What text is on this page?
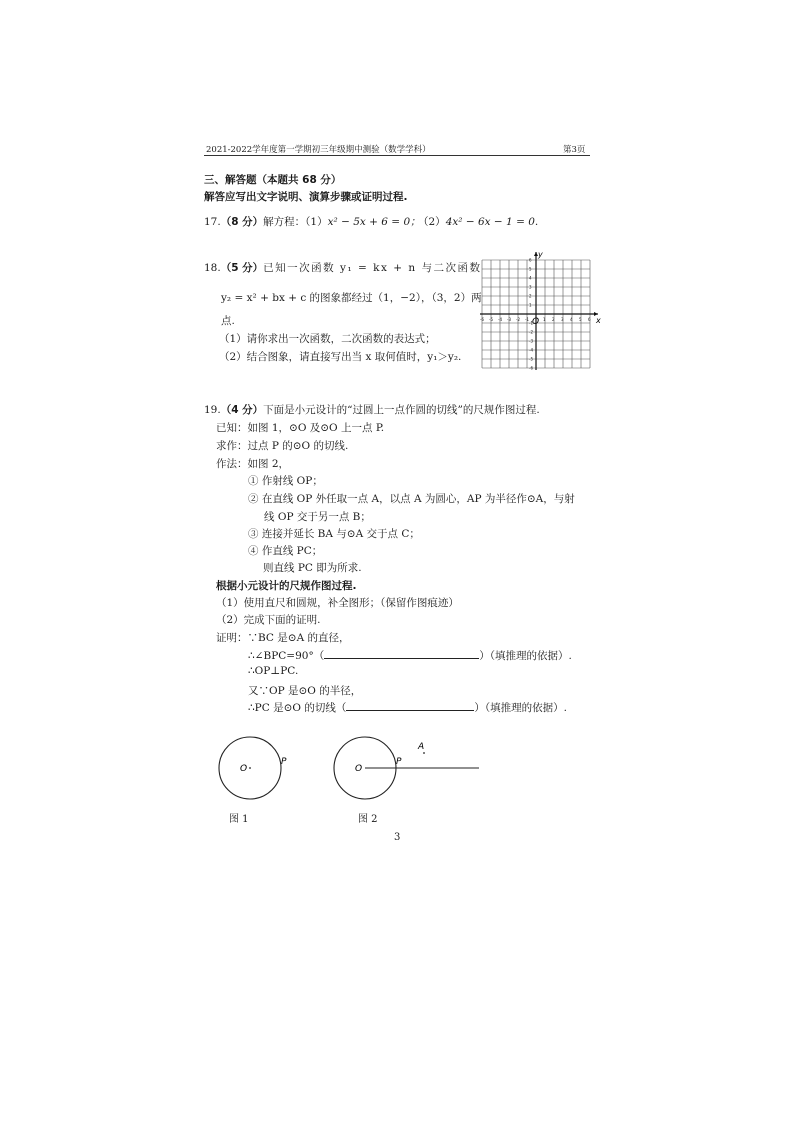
2021-2022学年度第一学期初三年级期中测验（数学学科）	第3页
三、解答题（本题共 68 分）
解答应写出文字说明、演算步骤或证明过程.
17.（8 分）解方程：（1）x² − 5x + 6 = 0；
（2）4x² − 6x − 1 = 0.
18.（5 分）已知一次函数 y₁ = kx + n 与二次函数
y₂ = x² + bx + c 的图象都经过（1，−2），（3，2）两
点.
（1）请你求出一次函数，二次函数的表达式；
（2）结合图象，请直接写出当 x 取何值时，y₁＞y₂.
-6 -5 -4 -3 -2 -1	1 2 3 4 5 6
6
5
4
3
2
1
-1
-2
-3
-4
-5
-6
y
x
O
19.（4 分）下面是小元设计的“过圆上一点作圆的切线”的尺规作图过程.
已知：如图 1，⊙O 及⊙O 上一点 P.
求作：过点 P 的⊙O 的切线.
作法：如图 2，
① 作射线 OP；
② 在直线 OP 外任取一点 A，以点 A 为圆心，AP 为半径作⊙A，与射
线 OP 交于另一点 B；
③ 连接并延长 BA 与⊙A 交于点 C；
④ 作直线 PC；
则直线 PC 即为所求.
根据小元设计的尺规作图过程.
（1）使用直尺和圆规，补全图形；（保留作图痕迹）
（2）完成下面的证明.
证明：∵BC 是⊙A 的直径，
∴∠BPC=90°（	）（填推理的依据）.
∴OP⊥PC.
又∵OP 是⊙O 的半径，
∴PC 是⊙O 的切线（	）（填推理的依据）.
O
P
图 1
O
P
A
图 2
3
